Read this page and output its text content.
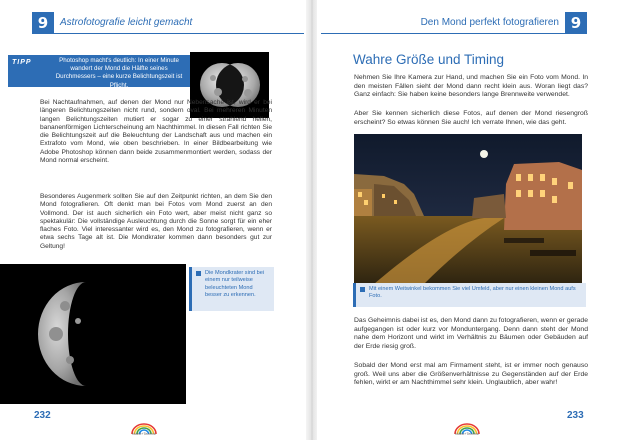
9	Astrofotografie leicht gemacht
TIPP	Photoshop macht's deutlich: In einer Minute wandert der Mond die Hälfte seines Durchmessers – eine kurze Belichtungszeit ist Pflicht.
Bei Nachtaufnahmen, auf denen der Mond nur Nebensache ist, wird er bei längeren Belichtungszeiten nicht rund, sondern oval. Bei mehreren Minuten langen Belichtungszeiten mutiert er sogar zu einer strahlend hellen, bananenförmigen Lichterscheinung am Nachthimmel. In diesen Fall richten Sie die Belichtungszeit auf die Beleuchtung der Landschaft aus und machen ein Extrafoto vom Mond, wie oben beschrieben. In einer Bildbearbeitung wie Adobe Photoshop können dann beide zusammenmontiert werden, sodass der Mond normal erscheint.
Besonderes Augenmerk sollten Sie auf den Zeitpunkt richten, an dem Sie den Mond fotografieren. Oft denkt man bei Fotos vom Mond zuerst an den Vollmond. Der ist auch sicherlich ein Foto wert, aber meist nicht ganz so spektakulär: Die vollständige Ausleuchtung durch die Sonne sorgt für ein eher flaches Foto. Viel interessanter wird es, den Mond zu fotografieren, wenn er etwa sechs Tage alt ist. Die Mondkrater kommen dann besonders gut zur Geltung!
Die Mondkrater sind bei einem nur teilweise beleuchteten Mond besser zu erkennen.
232
Markt+Technik
9
Den Mond perfekt fotografieren
Wahre Größe und Timing
Nehmen Sie Ihre Kamera zur Hand, und machen Sie ein Foto vom Mond. In den meisten Fällen sieht der Mond dann recht klein aus. Woran liegt das? Ganz einfach: Sie haben keine besonders lange Brennweite verwendet.
Aber Sie kennen sicherlich diese Fotos, auf denen der Mond riesengroß erscheint? So etwas können Sie auch! Ich verrate Ihnen, wie das geht.
Mit einem Weitwinkel bekommen Sie viel Umfeld, aber nur einen kleinen Mond aufs Foto.
Das Geheimnis dabei ist es, den Mond dann zu fotografieren, wenn er gerade aufgegangen ist oder kurz vor Monduntergang. Denn dann steht der Mond nahe dem Horizont und wirkt im Verhältnis zu Bäumen oder Gebäuden auf der Erde riesig groß.
Sobald der Mond erst mal am Firmament steht, ist er immer noch genauso groß. Weil uns aber die Größenverhältnisse zu Gegenständen auf der Erde fehlen, wirkt er am Nachthimmel sehr klein. Unglaublich, aber wahr!
233
Markt+Technik
